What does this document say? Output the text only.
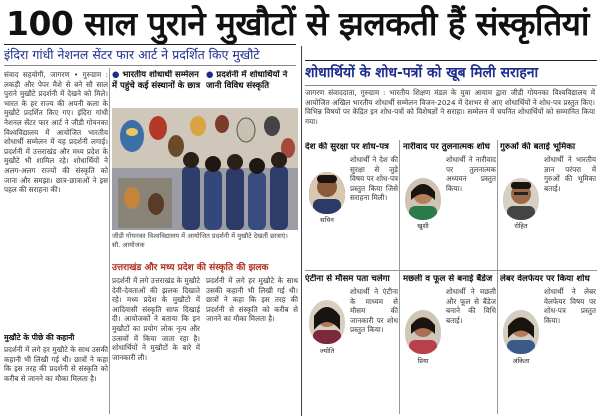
100 साल पुराने मुखौटों से झलकती हैं संस्कृतियां
इंदिरा गांधी नेशनल सेंटर फार आर्ट ने प्रदर्शित किए मुखौटे
संवाद सहयोगी, जागरण • गुरुग्राम : लकड़ी और पेपर मैशे से बने सौ साल पुराने मुखौटे प्रदर्शनी में देखने को मिले। भारत के हर राज्य की अपनी कला के मुखौटे प्रदर्शित किए गए। इंदिरा गांधी नेशनल सेंटर फार आर्ट ने जीडी गोयनका विश्वविद्यालय में आयोजित भारतीय शोधार्थी सम्मेलन में यह प्रदर्शनी लगाई। प्रदर्शनी में उत्तराखंड और मध्य प्रदेश के मुखौटे भी शामिल रहे। शोधार्थियों ने अलग-अलग राज्यों की संस्कृति को जाना और समझा। छात्र-छात्राओं ने इस पहल की सराहना की।
● भारतीय शोधार्थी सम्मेलन में पहुंचे कई संस्थानों के छात्र
● प्रदर्शनी में शोधार्थियों ने जानी विविध संस्कृति
जीडी गोयनका विश्वविद्यालय में आयोजित प्रदर्शनी में मुखौटे देखतीं छात्राएं। सौ. आयोजक
उत्तराखंड और मध्य प्रदेश की संस्कृति की झलक
प्रदर्शनी में लगे उत्तराखंड के मुखौटे देवी-देवताओं की झलक दिखाते रहे। मध्य प्रदेश के मुखौटों में आदिवासी संस्कृति साफ दिखाई दी। आयोजकों ने बताया कि इन मुखौटों का प्रयोग लोक नृत्य और उत्सवों में किया जाता रहा है। शोधार्थियों ने मुखौटों के बारे में जानकारी ली।
प्रदर्शनी में लगे हर मुखौटे के साथ उसकी कहानी भी लिखी गई थी। छात्रों ने कहा कि इस तरह की प्रदर्शनी से संस्कृति को करीब से जानने का मौका मिलता है।
मुखौटे के पीछे की कहानी
प्रदर्शनी में लगे हर मुखौटे के साथ उसकी कहानी भी लिखी गई थी। छात्रों ने कहा कि इस तरह की प्रदर्शनी से संस्कृति को करीब से जानने का मौका मिलता है।
शोधार्थियों के शोध-पत्रों को खूब मिली सराहना
जागरण संवाददाता, गुरुग्राम : भारतीय शिक्षण मंडल के युवा आयाम द्वारा जीडी गोयनका विश्वविद्यालय में आयोजित अखिल भारतीय शोधार्थी सम्मेलन विजन-2024 में देशभर से आए शोधार्थियों ने शोध-पत्र प्रस्तुत किए। विभिन्न विषयों पर केंद्रित इन शोध-पत्रों को विशेषज्ञों ने सराहा। सम्मेलन में चयनित शोधार्थियों को सम्मानित किया गया।
देश की सुरक्षा पर शोध-पत्र
सचिन
शोधार्थी ने देश की सुरक्षा से जुड़े विषय पर शोध-पत्र प्रस्तुत किया जिसे सराहना मिली।
नारीवाद पर तुलनात्मक शोध
खुशी
शोधार्थी ने नारीवाद पर तुलनात्मक अध्ययन प्रस्तुत किया।
गुरुओं की बताई भूमिका
रोहित
शोधार्थी ने भारतीय ज्ञान परंपरा में गुरुओं की भूमिका बताई।
एंटीना से मौसम पता चलेगा
ज्योति
शोधार्थी ने एंटीना के माध्यम से मौसम की जानकारी पर शोध प्रस्तुत किया।
मछली व फूल से बनाई बैंडेज
प्रिया
शोधार्थी ने मछली और फूल से बैंडेज बनाने की विधि बताई।
लेबर वेलफेयर पर किया शोध
अंकिता
शोधार्थी ने लेबर वेलफेयर विषय पर शोध-पत्र प्रस्तुत किया।
